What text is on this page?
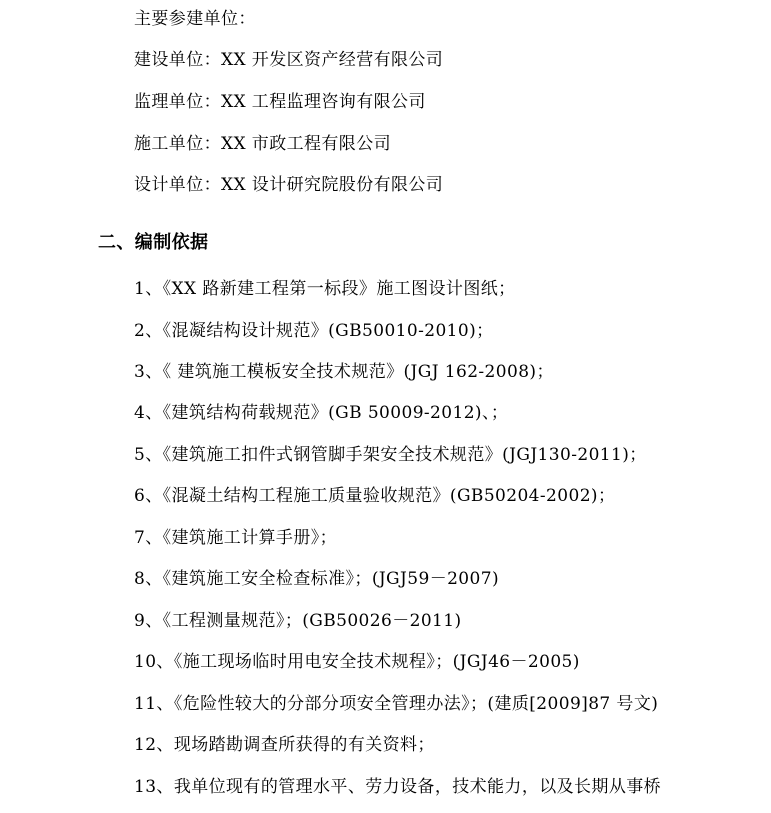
主要参建单位：
建设单位：XX 开发区资产经营有限公司
监理单位：XX 工程监理咨询有限公司
施工单位：XX 市政工程有限公司
设计单位：XX 设计研究院股份有限公司
二、编制依据
1、《XX 路新建工程第一标段》施工图设计图纸；
2、《混凝结构设计规范》(GB50010-2010)；
3、《 建筑施工模板安全技术规范》(JGJ 162-2008)；
4、《建筑结构荷载规范》(GB 50009-2012)、；
5、《建筑施工扣件式钢管脚手架安全技术规范》(JGJ130-2011)；
6、《混凝土结构工程施工质量验收规范》(GB50204-2002)；
7、《建筑施工计算手册》；
8、《建筑施工安全检查标准》；(JGJ59－2007)
9、《工程测量规范》；(GB50026－2011)
10、《施工现场临时用电安全技术规程》；(JGJ46－2005)
11、《危险性较大的分部分项安全管理办法》；(建质[2009]87 号文)
12、现场踏勘调查所获得的有关资料；
13、我单位现有的管理水平、劳力设备，技术能力，以及长期从事桥
